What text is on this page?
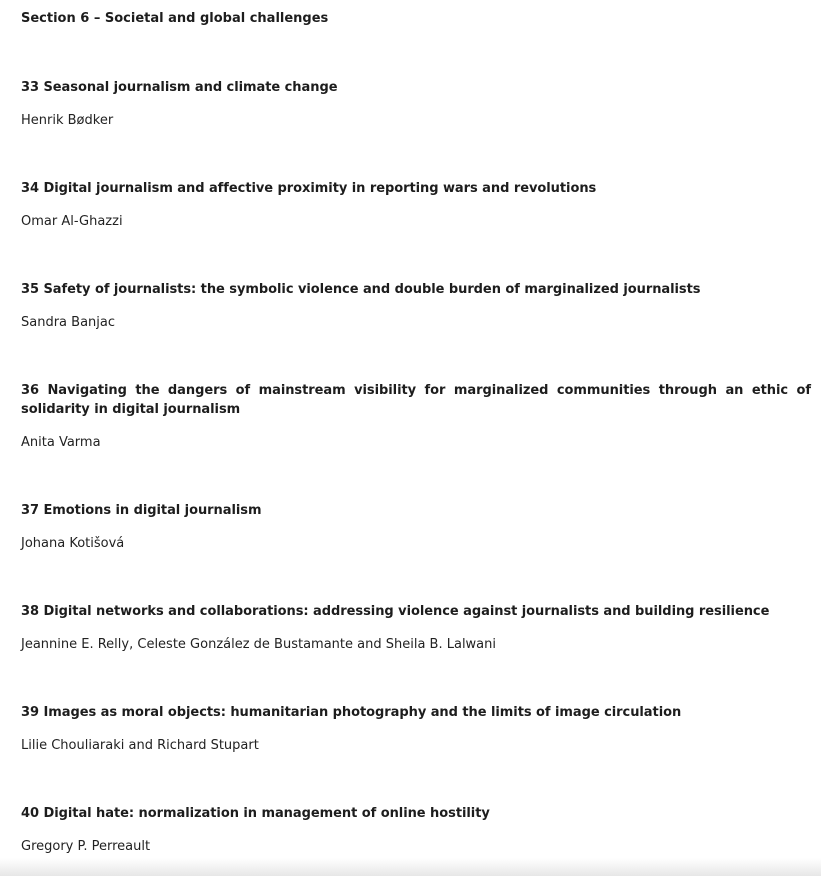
Section 6 – Societal and global challenges

33 Seasonal journalism and climate change

Henrik Bødker

34 Digital journalism and affective proximity in reporting wars and revolutions

Omar Al-Ghazzi

35 Safety of journalists: the symbolic violence and double burden of marginalized journalists

Sandra Banjac

36 Navigating the dangers of mainstream visibility for marginalized communities through an ethic of solidarity in digital journalism

Anita Varma

37 Emotions in digital journalism

Johana Kotišová

38 Digital networks and collaborations: addressing violence against journalists and building resilience

Jeannine E. Relly, Celeste González de Bustamante and Sheila B. Lalwani

39 Images as moral objects: humanitarian photography and the limits of image circulation

Lilie Chouliaraki and Richard Stupart

40 Digital hate: normalization in management of online hostility

Gregory P. Perreault
